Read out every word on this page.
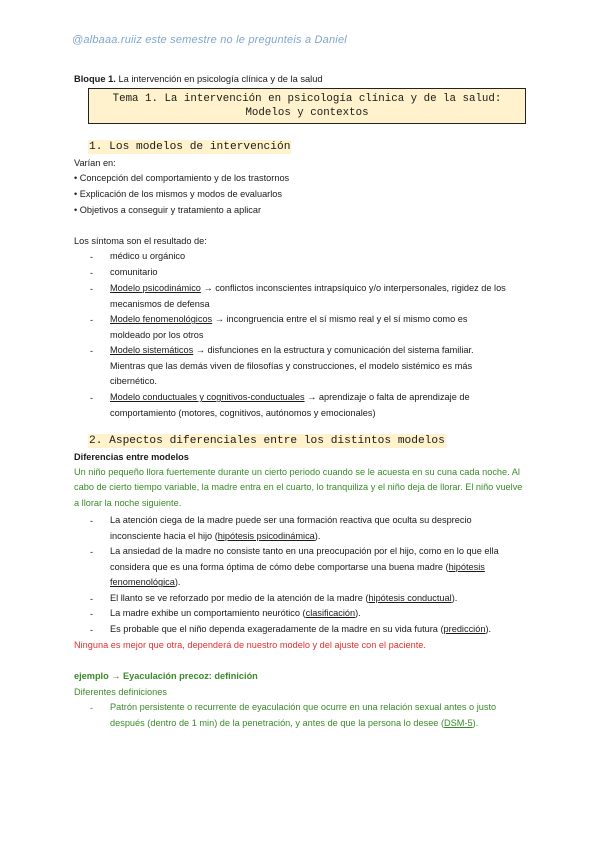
@albaaa.ruiiz este semestre no le pregunteis a Daniel
Bloque 1. La intervención en psicología clínica y de la salud
Tema 1. La intervención en psicología clínica y de la salud:
Modelos y contextos
1. Los modelos de intervención
Varían en:
• Concepción del comportamiento y de los trastornos
• Explicación de los mismos y modos de evaluarlos
• Objetivos a conseguir y tratamiento a aplicar
Los síntoma son el resultado de:
- médico u orgánico
- comunitario
- Modelo psicodinámico → conflictos inconscientes intrapsíquico y/o interpersonales, rigidez de los mecanismos de defensa
- Modelo fenomenológicos → incongruencia entre el sí mismo real y el sí mismo como es moldeado por los otros
- Modelo sistemáticos → disfunciones en la estructura y comunicación del sistema familiar. Mientras que las demás viven de filosofías y construcciones, el modelo sistémico es más cibernético.
- Modelo conductuales y cognitivos-conductuales → aprendizaje o falta de aprendizaje de comportamiento (motores, cognitivos, autónomos y emocionales)
2. Aspectos diferenciales entre los distintos modelos
Diferencias entre modelos
Un niño pequeño llora fuertemente durante un cierto periodo cuando se le acuesta en su cuna cada noche. Al cabo de cierto tiempo variable, la madre entra en el cuarto, lo tranquiliza y el niño deja de llorar. El niño vuelve a llorar la noche siguiente.
- La atención ciega de la madre puede ser una formación reactiva que oculta su desprecio inconsciente hacia el hijo (hipótesis psicodinámica).
- La ansiedad de la madre no consiste tanto en una preocupación por el hijo, como en lo que ella considera que es una forma óptima de cómo debe comportarse una buena madre (hipótesis fenomenológica).
- El llanto se ve reforzado por medio de la atención de la madre (hipótesis conductual).
- La madre exhibe un comportamiento neurótico (clasificación).
- Es probable que el niño dependa exageradamente de la madre en su vida futura (predicción).
Ninguna es mejor que otra, dependerá de nuestro modelo y del ajuste con el paciente.
ejemplo → Eyaculación precoz: definición
Diferentes definiciones
- Patrón persistente o recurrente de eyaculación que ocurre en una relación sexual antes o justo después (dentro de 1 min) de la penetración, y antes de que la persona lo desee (DSM-5).
